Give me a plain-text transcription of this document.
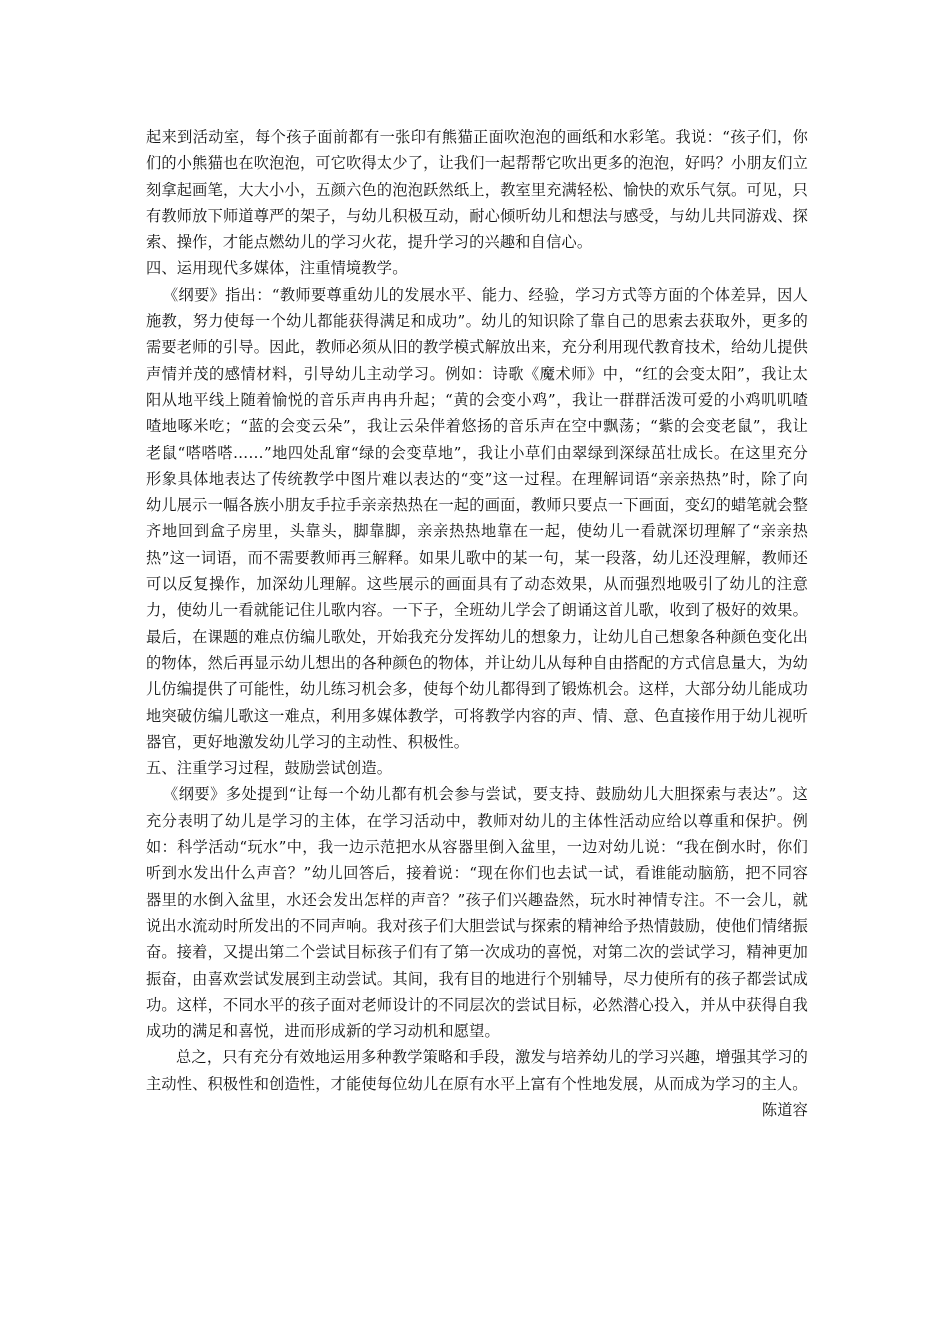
起来到活动室，每个孩子面前都有一张印有熊猫正面吹泡泡的画纸和水彩笔。我说：“孩子们，你们的小熊猫也在吹泡泡，可它吹得太少了，让我们一起帮帮它吹出更多的泡泡，好吗？小朋友们立刻拿起画笔，大大小小，五颜六色的泡泡跃然纸上，教室里充满轻松、愉快的欢乐气氛。可见，只有教师放下师道尊严的架子，与幼儿积极互动，耐心倾听幼儿和想法与感受，与幼儿共同游戏、探索、操作，才能点燃幼儿的学习火花，提升学习的兴趣和自信心。

四、运用现代多媒体，注重情境教学。

《纲要》指出：“教师要尊重幼儿的发展水平、能力、经验，学习方式等方面的个体差异，因人施教，努力使每一个幼儿都能获得满足和成功”。幼儿的知识除了靠自己的思索去获取外，更多的需要老师的引导。因此，教师必须从旧的教学模式解放出来，充分利用现代教育技术，给幼儿提供声情并茂的感情材料，引导幼儿主动学习。例如：诗歌《魔术师》中，“红的会变太阳”，我让太阳从地平线上随着愉悦的音乐声冉冉升起；“黄的会变小鸡”，我让一群群活泼可爱的小鸡叽叽喳喳地啄米吃；“蓝的会变云朵”，我让云朵伴着悠扬的音乐声在空中飘荡；“紫的会变老鼠”，我让老鼠“嗒嗒嗒……”地四处乱窜“绿的会变草地”，我让小草们由翠绿到深绿茁壮成长。在这里充分形象具体地表达了传统教学中图片难以表达的“变”这一过程。在理解词语“亲亲热热”时，除了向幼儿展示一幅各族小朋友手拉手亲亲热热在一起的画面，教师只要点一下画面，变幻的蜡笔就会整齐地回到盒子房里，头靠头，脚靠脚，亲亲热热地靠在一起，使幼儿一看就深切理解了“亲亲热热”这一词语，而不需要教师再三解释。如果儿歌中的某一句，某一段落，幼儿还没理解，教师还可以反复操作，加深幼儿理解。这些展示的画面具有了动态效果，从而强烈地吸引了幼儿的注意力，使幼儿一看就能记住儿歌内容。一下子，全班幼儿学会了朗诵这首儿歌，收到了极好的效果。最后，在课题的难点仿编儿歌处，开始我充分发挥幼儿的想象力，让幼儿自己想象各种颜色变化出的物体，然后再显示幼儿想出的各种颜色的物体，并让幼儿从每种自由搭配的方式信息量大，为幼儿仿编提供了可能性，幼儿练习机会多，使每个幼儿都得到了锻炼机会。这样，大部分幼儿能成功地突破仿编儿歌这一难点，利用多媒体教学，可将教学内容的声、情、意、色直接作用于幼儿视听器官，更好地激发幼儿学习的主动性、积极性。

五、注重学习过程，鼓励尝试创造。

《纲要》多处提到“让每一个幼儿都有机会参与尝试，要支持、鼓励幼儿大胆探索与表达”。这充分表明了幼儿是学习的主体，在学习活动中，教师对幼儿的主体性活动应给以尊重和保护。例如：科学活动“玩水”中，我一边示范把水从容器里倒入盆里，一边对幼儿说：“我在倒水时，你们听到水发出什么声音？”幼儿回答后，接着说：“现在你们也去试一试，看谁能动脑筋，把不同容器里的水倒入盆里，水还会发出怎样的声音？”孩子们兴趣盎然，玩水时神情专注。不一会儿，就说出水流动时所发出的不同声响。我对孩子们大胆尝试与探索的精神给予热情鼓励，使他们情绪振奋。接着，又提出第二个尝试目标孩子们有了第一次成功的喜悦，对第二次的尝试学习，精神更加振奋，由喜欢尝试发展到主动尝试。其间，我有目的地进行个别辅导，尽力使所有的孩子都尝试成功。这样，不同水平的孩子面对老师设计的不同层次的尝试目标，必然潜心投入，并从中获得自我成功的满足和喜悦，进而形成新的学习动机和愿望。

总之，只有充分有效地运用多种教学策略和手段，激发与培养幼儿的学习兴趣，增强其学习的主动性、积极性和创造性，才能使每位幼儿在原有水平上富有个性地发展，从而成为学习的主人。

陈道容
